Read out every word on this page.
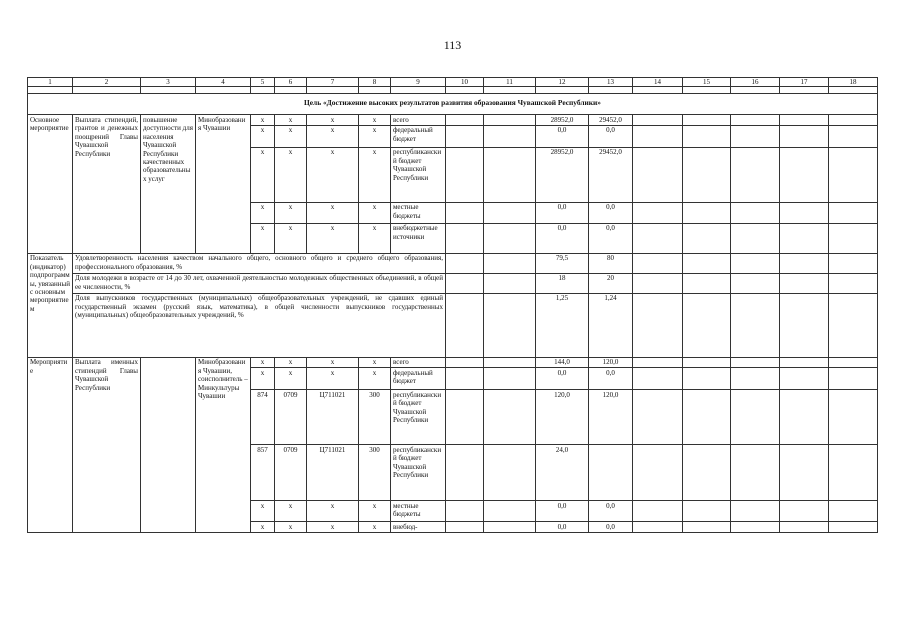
113
1	2	3	4	5	6	7	8	9	10	11	12	13	14	15	16	17	18

Цель «Достижение высоких результатов развития образования Чувашской Республики»																	
Основное мероприятие	Выплата стипендий, грантов и денежных поощрений Главы Чувашской Республики	повышение доступности для населения Чувашской Республики качественных образовательных услуг	Минобразования Чувашии	x	x	x	x	всего			28952,0	29452,0					
				x	x	x	x	федеральный бюджет			0,0	0,0					
				x	x	x	x	республиканский бюджет Чувашской Республики			28952,0	29452,0					
				x	x	x	x	местные бюджеты			0,0	0,0					
				x	x	x	x	внебюджетные источники			0,0	0,0					
Показатель (индикатор) подпрограммы, увязанный с основным мероприятием	Удовлетворенность населения качеством начального общего, основного общего и среднего общего образования, профессионального образования, %										79,5	80					
	Доля молодежи в возрасте от 14 до 30 лет, охваченной деятельностью молодежных общественных объединений, в общей ее численности, %										18	20					
	Доля выпускников государственных (муниципальных) общеобразовательных учреждений, не сдавших единый государственный экзамен (русский язык, математика), в общей численности выпускников государственных (муниципальных) общеобразовательных учреждений, %										1,25	1,24					
Мероприятие	Выплата именных стипендий Главы Чувашской Республики		Минобразования Чувашии, соисполнитель – Минкультуры Чувашии	x	x	x	x	всего			144,0	120,0					
				x	x	x	x	федеральный бюджет			0,0	0,0					
				874	0709	Ц711021	300	республиканский бюджет Чувашской Республики			120,0	120,0					
				857	0709	Ц711021	300	республиканский бюджет Чувашской Республики			24,0						
				x	x	x	x	местные бюджеты			0,0	0,0					
				x	x	x	x	внебюд-			0,0	0,0					
